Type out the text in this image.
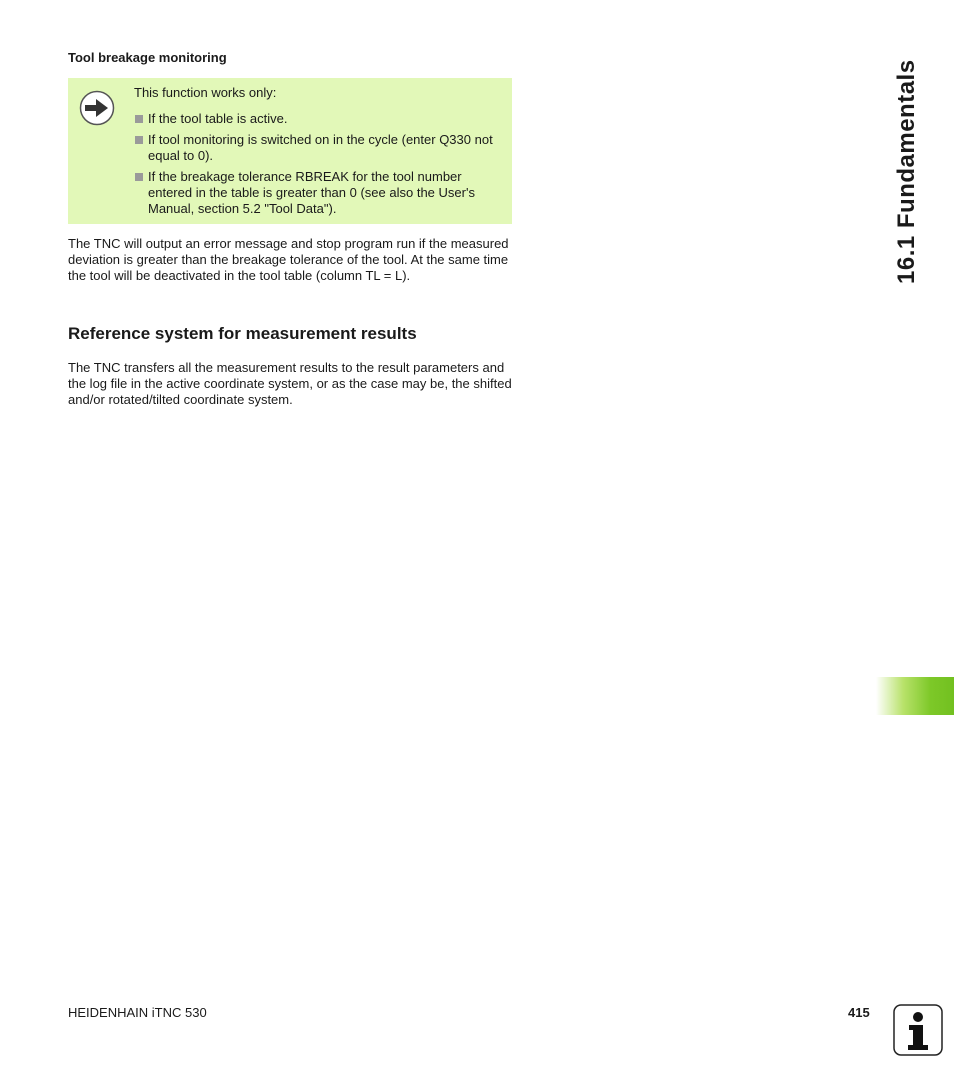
Tool breakage monitoring

This function works only:

If the tool table is active.
If tool monitoring is switched on in the cycle (enter Q330 not equal to 0).
If the breakage tolerance RBREAK for the tool number entered in the table is greater than 0 (see also the User's Manual, section 5.2 "Tool Data").

The TNC will output an error message and stop program run if the measured deviation is greater than the breakage tolerance of the tool. At the same time the tool will be deactivated in the tool table (column TL = L).

Reference system for measurement results

The TNC transfers all the measurement results to the result parameters and the log file in the active coordinate system, or as the case may be, the shifted and/or rotated/tilted coordinate system.

16.1 Fundamentals
HEIDENHAIN iTNC 530	415
